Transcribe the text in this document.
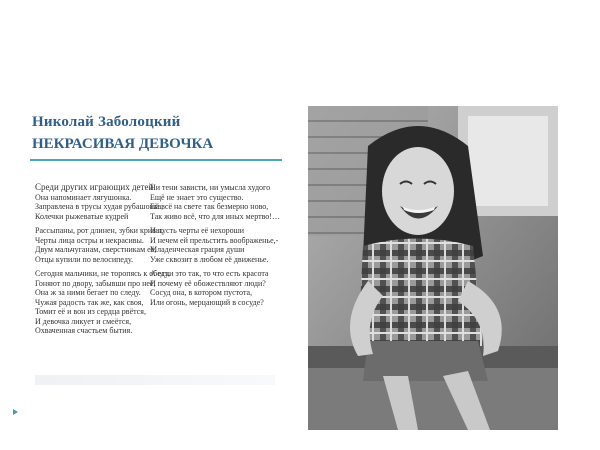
Николай Заболоцкий
НЕКРАСИВАЯ ДЕВОЧКА
Среди других играющих детей
Она напоминает лягушонка.
Заправлена в трусы худая рубашонка,
Колечки рыжеватые кудрей
Рассыпаны, рот длинен, зубки кривы,
Черты лица остры и некрасивы.
Двум мальчуганам, сверстникам её,
Отцы купили по велосипеду.
Сегодня мальчики, не торопясь к обеду,
Гоняют по двору, забывши про неё,
Она ж за ними бегает по следу.
Чужая радость так же, как своя,
Томит её и вон из сердца рвётся,
И девочка ликует и смеётся,
Охваченная счастьем бытия.
Ни тени зависти, ни умысла худого
Ещё не знает это существо.
Ей всё на свете так безмерно ново,
Так живо всё, что для иных мертво!…
И пусть черты её нехороши
И нечем ей прельстить воображенье,-
Младенческая грация души
Уже сквозит в любом её движенье.
А если это так, то что есть красота
И почему её обожествляют люди?
Сосуд она, в котором пустота,
Или огонь, мерцающий в сосуде?
